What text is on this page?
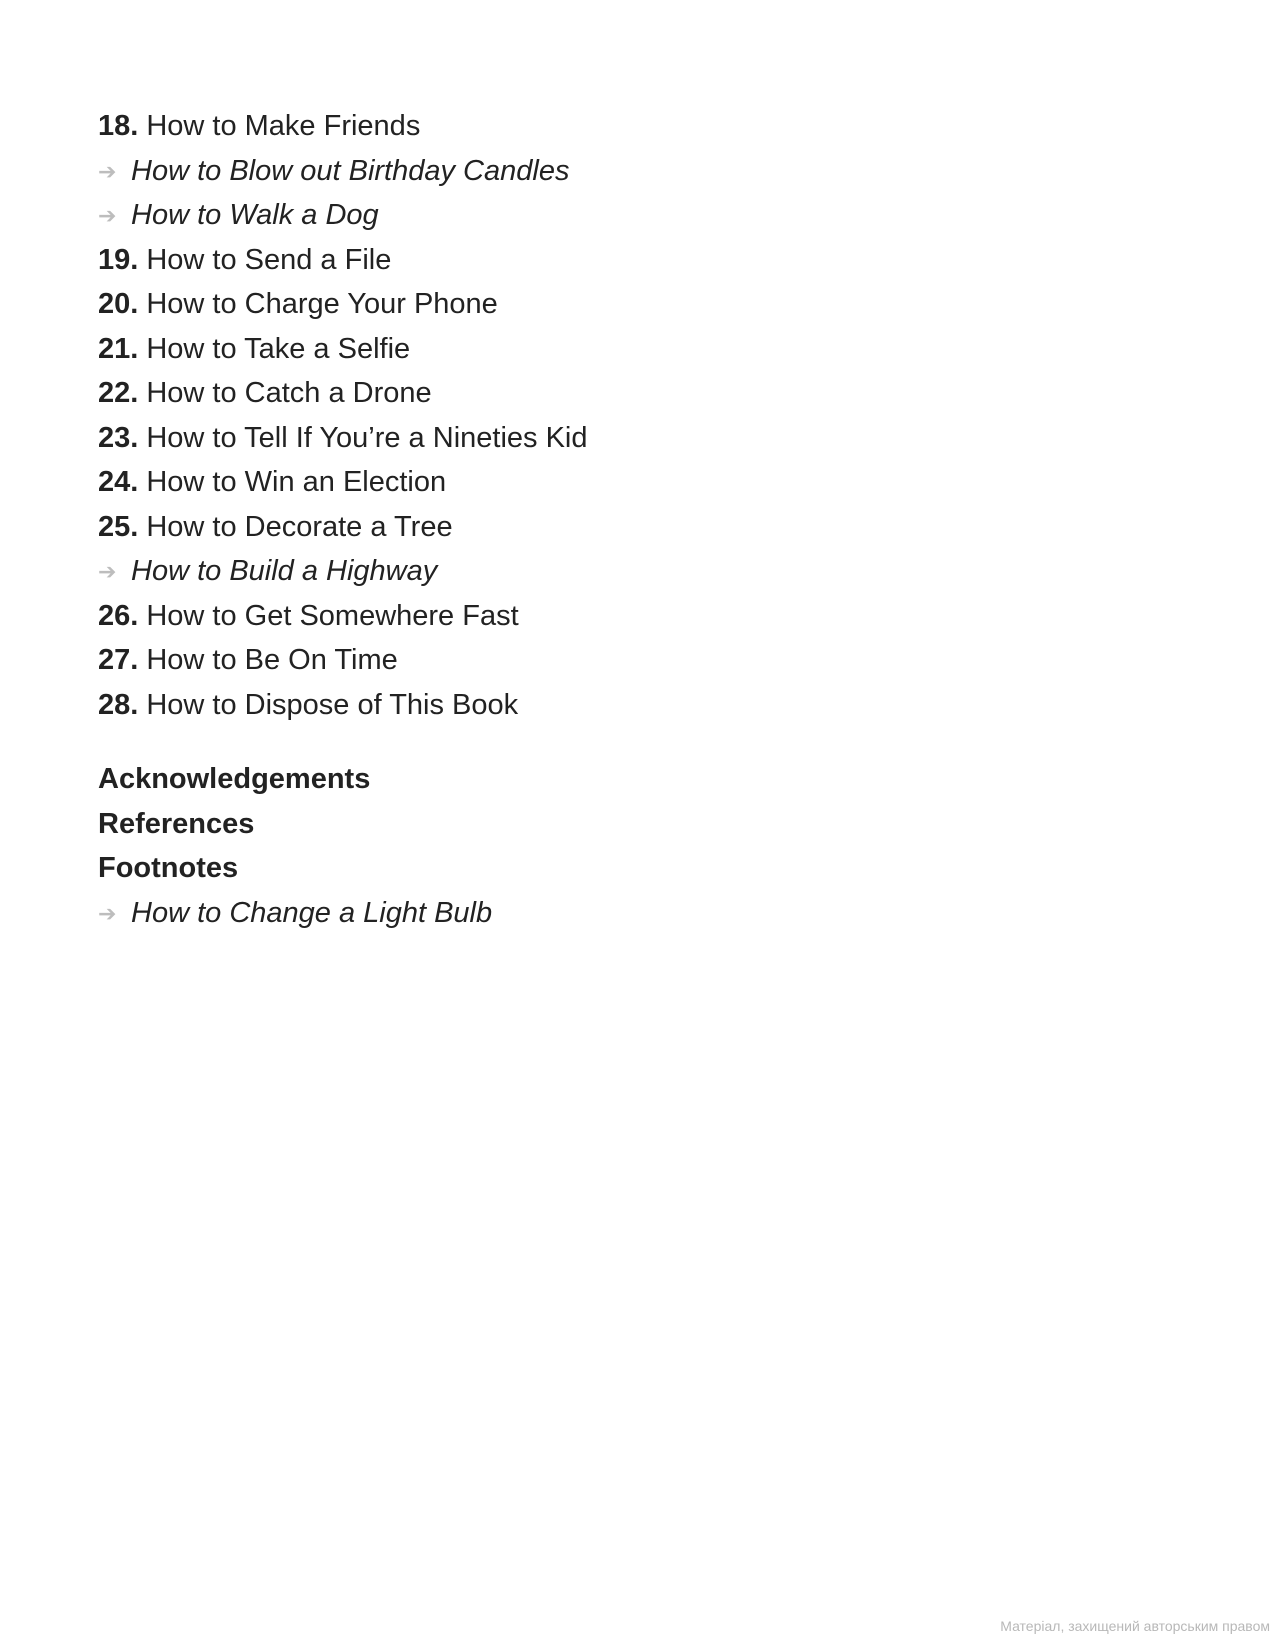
18. How to Make Friends
➔ How to Blow out Birthday Candles
➔ How to Walk a Dog
19. How to Send a File
20. How to Charge Your Phone
21. How to Take a Selfie
22. How to Catch a Drone
23. How to Tell If You’re a Nineties Kid
24. How to Win an Election
25. How to Decorate a Tree
➔ How to Build a Highway
26. How to Get Somewhere Fast
27. How to Be On Time
28. How to Dispose of This Book
Acknowledgements
References
Footnotes
➔ How to Change a Light Bulb
Матеріал, захищений авторським правом
